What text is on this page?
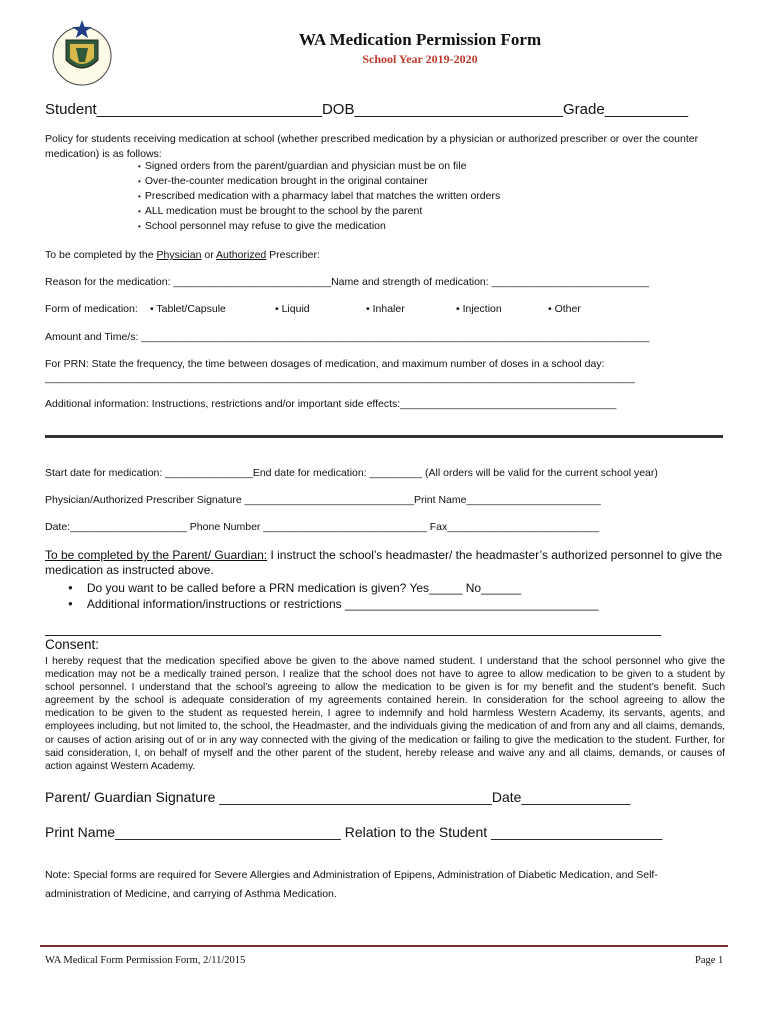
WA Medication Permission Form
School Year 2019-2020
Student___________________________DOB_________________________Grade__________
Policy for students receiving medication at school (whether prescribed medication by a physician or authorized prescriber or over the counter medication) is as follows:
• Signed orders from the parent/guardian and physician must be on file
• Over-the-counter medication brought in the original container
• Prescribed medication with a pharmacy label that matches the written orders
• ALL medication must be brought to the school by the parent
• School personnel may refuse to give the medication
To be completed by the Physician or Authorized Prescriber:
Reason for the medication: ___________________________Name and strength of medication: ___________________________
Form of medication: • Tablet/Capsule	• Liquid	• Inhaler	• Injection	• Other
Amount and Time/s: _______________________________________________________________________________________
For PRN: State the frequency, the time between dosages of medication, and maximum number of doses in a school day:
_____________________________________________________________________________________________________
Additional information: Instructions, restrictions and/or important side effects:_____________________________________
Start date for medication: _______________End date for medication: _________ (All orders will be valid for the current school year)
Physician/Authorized Prescriber Signature _____________________________Print Name_______________________
Date:____________________ Phone Number ____________________________ Fax__________________________
To be completed by the Parent/ Guardian: I instruct the school’s headmaster/ the headmaster’s authorized personnel to give the medication as instructed above.
● Do you want to be called before a PRN medication is given? Yes_____ No______
● Additional information/instructions or restrictions ______________________________________
Consent:
I hereby request that the medication specified above be given to the above named student. I understand that the school personnel who give the medication may not be a medically trained person. I realize that the school does not have to agree to allow medication to be given to a student by school personnel. I understand that the school’s agreeing to allow the medication to be given is for my benefit and the student’s benefit. Such agreement by the school is adequate consideration of my agreements contained herein. In consideration for the school agreeing to allow the medication to be given to the student as requested herein, I agree to indemnify and hold harmless Western Academy, its servants, agents, and employees including, but not limited to, the school, the Headmaster, and the individuals giving the medication of and from any and all claims, demands, or causes of action arising out of or in any way connected with the giving of the medication or failing to give the medication to the student. Further, for said consideration, I, on behalf of myself and the other parent of the student, hereby release and waive any and all claims, demands, or causes of action against Western Academy.
Parent/ Guardian Signature ___________________________________Date______________
Print Name_____________________________ Relation to the Student ______________________
Note: Special forms are required for Severe Allergies and Administration of Epipens, Administration of Diabetic Medication, and Self-administration of Medicine, and carrying of Asthma Medication.
WA Medical Form Permission Form, 2/11/2015	Page 1
